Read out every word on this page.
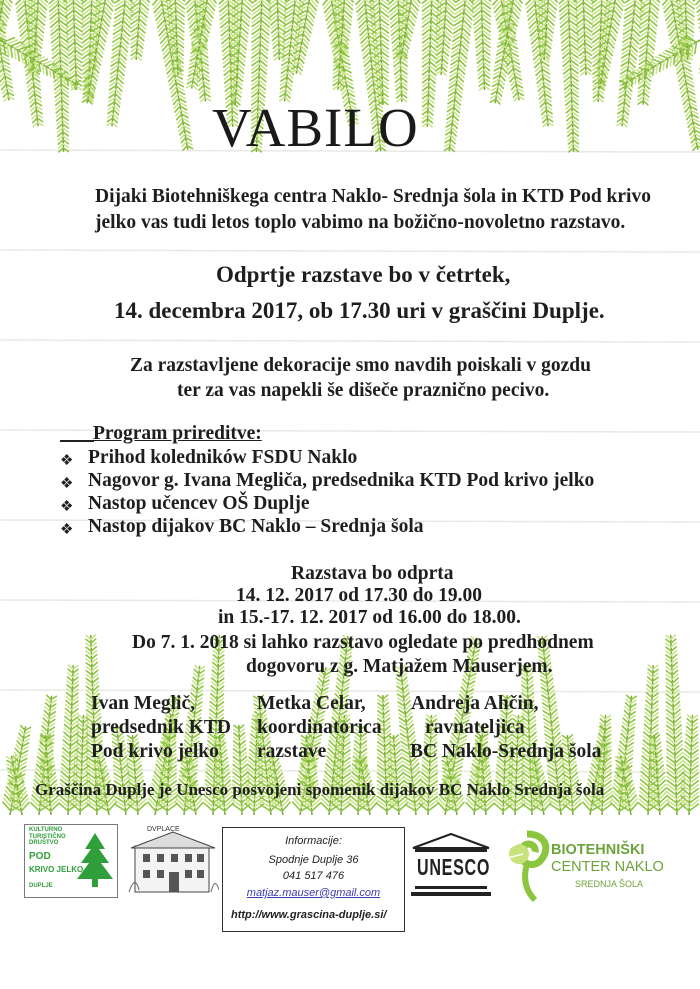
VABILO
Dijaki Biotehniškega centra Naklo- Srednja šola in KTD Pod krivo
jelko vas tudi letos toplo vabimo na božično-novoletno razstavo.
Odprtje razstave bo v četrtek,
14. decembra 2017, ob 17.30 uri v graščini Duplje.
Za razstavljene dekoracije smo navdih poiskali v gozdu
ter za vas napekli še dišeče praznično pecivo.
Program prireditve:
❖ Prihod koledników FSDU Naklo
❖ Nagovor g. Ivana Megliča, predsednika KTD Pod krivo jelko
❖ Nastop učencev OŠ Duplje
❖ Nastop dijakov BC Naklo – Srednja šola
Razstava bo odprta
14. 12. 2017 od 17.30 do 19.00
in 15.-17. 12. 2017 od 16.00 do 18.00.
Do 7. 1. 2018 si lahko razstavo ogledate po predhodnem
dogovoru z g. Matjažem Mauserjem.
Ivan Meglič,
predsednik KTD
Pod krivo jelko
Metka Celar,
koordinatorica
razstave
Andreja Ahčin,
ravnateljica
BC Naklo-Srednja šola
Graščina Duplje je Unesco posvojeni spomenik dijakov BC Naklo Srednja šola
KULTURNO
TURISTIČNO
DRUŠTVO
POD
KRIVO JELKO
DUPLJE
DVPLACE
UNESCO
BIOTEHNIŠKI
CENTER NAKLO
SREDNJA ŠOLA
Informacije:
Spodnje Duplje 36
041 517 476
matjaz.mauser@gmail.com
http://www.grascina-duplje.si/
